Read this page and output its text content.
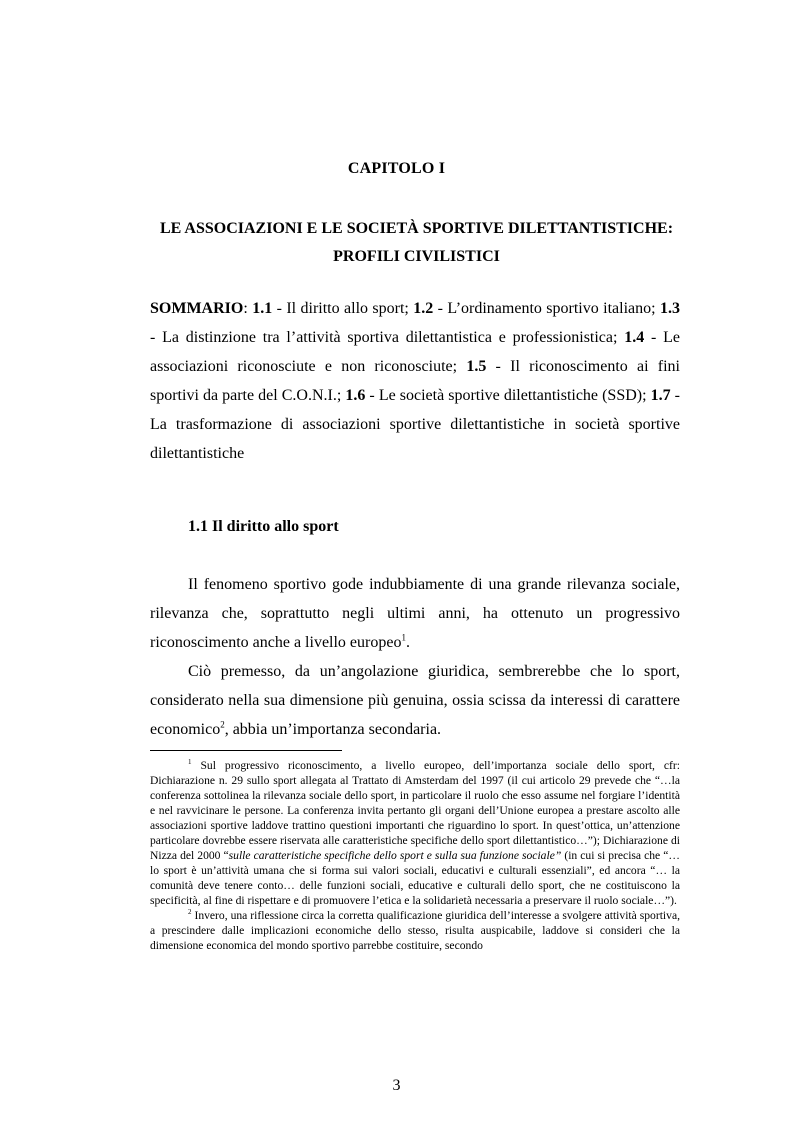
CAPITOLO I

LE ASSOCIAZIONI E LE SOCIETÀ SPORTIVE DILETTANTISTICHE:
PROFILI CIVILISTICI

SOMMARIO: 1.1 - Il diritto allo sport; 1.2 - L’ordinamento sportivo italiano; 1.3 - La distinzione tra l’attività sportiva dilettantistica e professionistica; 1.4 - Le associazioni riconosciute e non riconosciute; 1.5 - Il riconoscimento ai fini sportivi da parte del C.O.N.I.; 1.6 - Le società sportive dilettantistiche (SSD); 1.7 - La trasformazione di associazioni sportive dilettantistiche in società sportive dilettantistiche

1.1 Il diritto allo sport

Il fenomeno sportivo gode indubbiamente di una grande rilevanza sociale, rilevanza che, soprattutto negli ultimi anni, ha ottenuto un progressivo riconoscimento anche a livello europeo$^1$.

Ciò premesso, da un’angolazione giuridica, sembrerebbe che lo sport, considerato nella sua dimensione più genuina, ossia scissa da interessi di carattere economico$^2$, abbia un’importanza secondaria.

$^1$ Sul progressivo riconoscimento, a livello europeo, dell’importanza sociale dello sport, cfr: Dichiarazione n. 29 sullo sport allegata al Trattato di Amsterdam del 1997 (il cui articolo 29 prevede che “…la conferenza sottolinea la rilevanza sociale dello sport, in particolare il ruolo che esso assume nel forgiare l’identità e nel ravvicinare le persone. La conferenza invita pertanto gli organi dell’Unione europea a prestare ascolto alle associazioni sportive laddove trattino questioni importanti che riguardino lo sport. In quest’ottica, un’attenzione particolare dovrebbe essere riservata alle caratteristiche specifiche dello sport dilettantistico…”); Dichiarazione di Nizza del 2000 “sulle caratteristiche specifiche dello sport e sulla sua funzione sociale” (in cui si precisa che “…lo sport è un’attività umana che si forma sui valori sociali, educativi e culturali essenziali”, ed ancora “… la comunità deve tenere conto… delle funzioni sociali, educative e culturali dello sport, che ne costituiscono la specificità, al fine di rispettare e di promuovere l’etica e la solidarietà necessaria a preservare il ruolo sociale…”).

$^2$ Invero, una riflessione circa la corretta qualificazione giuridica dell’interesse a svolgere attività sportiva, a prescindere dalle implicazioni economiche dello stesso, risulta auspicabile, laddove si consideri che la dimensione economica del mondo sportivo parrebbe costituire, secondo

3
